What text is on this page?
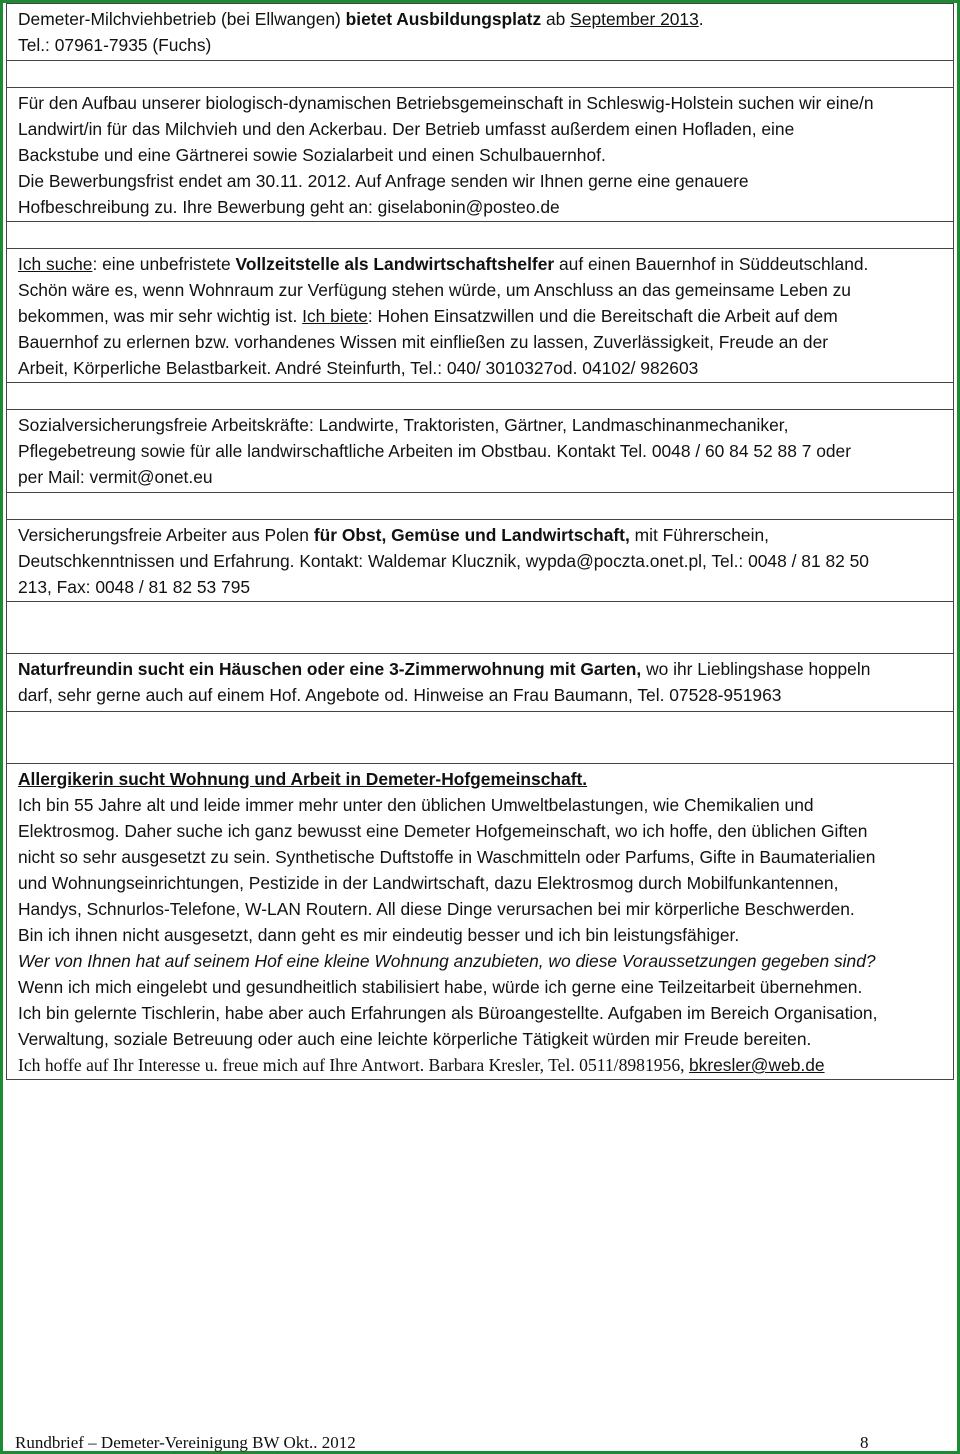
Demeter-Milchviehbetrieb (bei Ellwangen) bietet Ausbildungsplatz ab September 2013.

Tel.: 07961-7935 (Fuchs)

Für den Aufbau unserer biologisch-dynamischen Betriebsgemeinschaft in Schleswig-Holstein suchen wir eine/n

Landwirt/in für das Milchvieh und den Ackerbau. Der Betrieb umfasst außerdem einen Hofladen, eine

Backstube und eine Gärtnerei sowie Sozialarbeit und einen Schulbauernhof.

Die Bewerbungsfrist endet am 30.11. 2012. Auf Anfrage senden wir Ihnen gerne eine genauere

Hofbeschreibung zu. Ihre Bewerbung geht an: giselabonin@posteo.de

Ich suche: eine unbefristete Vollzeitstelle als Landwirtschaftshelfer auf einen Bauernhof in Süddeutschland.

Schön wäre es, wenn Wohnraum zur Verfügung stehen würde, um Anschluss an das gemeinsame Leben zu

bekommen, was mir sehr wichtig ist. Ich biete: Hohen Einsatzwillen und die Bereitschaft die Arbeit auf dem

Bauernhof zu erlernen bzw. vorhandenes Wissen mit einfließen zu lassen, Zuverlässigkeit, Freude an der

Arbeit, Körperliche Belastbarkeit. André Steinfurth, Tel.: 040/ 3010327od. 04102/ 982603

Sozialversicherungsfreie Arbeitskräfte: Landwirte, Traktoristen, Gärtner, Landmaschinanmechaniker,

Pflegebetreung sowie für alle landwirschaftliche Arbeiten im Obstbau. Kontakt Tel. 0048 / 60 84 52 88 7 oder

per Mail: vermit@onet.eu

Versicherungsfreie Arbeiter aus Polen für Obst, Gemüse und Landwirtschaft, mit Führerschein,

Deutschkenntnissen und Erfahrung. Kontakt: Waldemar Klucznik, wypda@poczta.onet.pl, Tel.: 0048 / 81 82 50

213, Fax: 0048 / 81 82 53 795

Naturfreundin sucht ein Häuschen oder eine 3-Zimmerwohnung mit Garten, wo ihr Lieblingshase hoppeln

darf, sehr gerne auch auf einem Hof. Angebote od. Hinweise an Frau Baumann, Tel. 07528-951963

Allergikerin sucht Wohnung und Arbeit in Demeter-Hofgemeinschaft.

Ich bin 55 Jahre alt und leide immer mehr unter den üblichen Umweltbelastungen, wie Chemikalien und

Elektrosmog. Daher suche ich ganz bewusst eine Demeter Hofgemeinschaft, wo ich hoffe, den üblichen Giften

nicht so sehr ausgesetzt zu sein. Synthetische Duftstoffe in Waschmitteln oder Parfums, Gifte in Baumaterialien

und Wohnungseinrichtungen, Pestizide in der Landwirtschaft, dazu Elektrosmog durch Mobilfunkantennen,

Handys, Schnurlos-Telefone, W-LAN Routern. All diese Dinge verursachen bei mir körperliche Beschwerden.

Bin ich ihnen nicht ausgesetzt, dann geht es mir eindeutig besser und ich bin leistungsfähiger.

Wer von Ihnen hat auf seinem Hof eine kleine Wohnung anzubieten, wo diese Voraussetzungen gegeben sind?

Wenn ich mich eingelebt und gesundheitlich stabilisiert habe, würde ich gerne eine Teilzeitarbeit übernehmen.

Ich bin gelernte Tischlerin, habe aber auch Erfahrungen als Büroangestellte. Aufgaben im Bereich Organisation,

Verwaltung, soziale Betreuung oder auch eine leichte körperliche Tätigkeit würden mir Freude bereiten.

Ich hoffe auf Ihr Interesse u. freue mich auf Ihre Antwort. Barbara Kresler, Tel. 0511/8981956, bkresler@web.de

Rundbrief – Demeter-Vereinigung BW Okt.. 2012	8
